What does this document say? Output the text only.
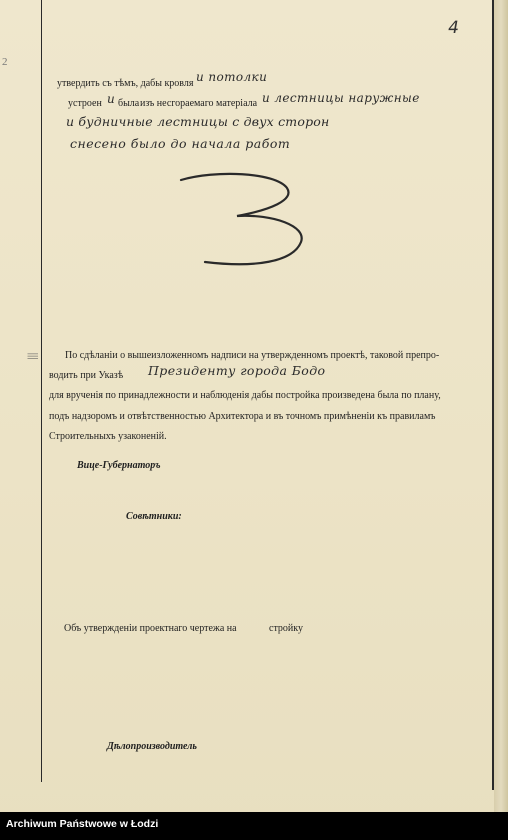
4
2
утвердить съ тѣмъ, дабы кровля и потолки
устроен и была изъ несгораемаго матеріала и лестницы наружные
и будничные лестницы с двух сторон
снесено было до начала работ
| | | По сдѣланіи о вышеизложенномъ надписи на утвержденномъ проектѣ, таковой препро-
водить при Указѣ Президенту города Бодо
для врученія по принадлежности и наблюденія дабы постройка произведена была по плану,
подъ надзоромъ и отвѣтственностью Архитектора и въ точномъ примѣненіи къ правиламъ
Строительныхъ узаконеній.
Вице-Губернаторъ
Совѣтники:
Объ утвержденіи проектнаго чертежа на	стройку
Дѣлопроизводитель
Archiwum Państwowe w Łodzi
